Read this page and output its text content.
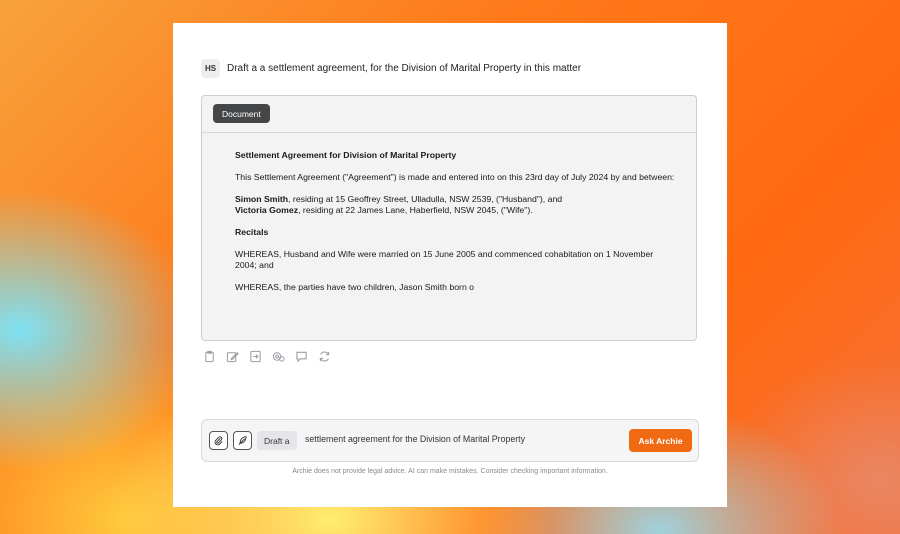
HS	Draft a a settlement agreement, for the Division of Marital Property in this matter
Document

Settlement Agreement for Division of Marital Property

This Settlement Agreement ("Agreement") is made and entered into on this 23rd day of July 2024 by and between:

Simon Smith, residing at 15 Geoffrey Street, Ulladulla, NSW 2539, ("Husband"), and

Victoria Gomez, residing at 22 James Lane, Haberfield, NSW 2045, ("Wife").

Recitals

WHEREAS, Husband and Wife were married on 15 June 2005 and commenced cohabitation on 1 November 2004; and

WHEREAS, the parties have two children, Jason Smith born o

Draft a	settlement agreement for the Division of Marital Property	Ask Archie
Archie does not provide legal advice. AI can make mistakes. Consider checking important information.
